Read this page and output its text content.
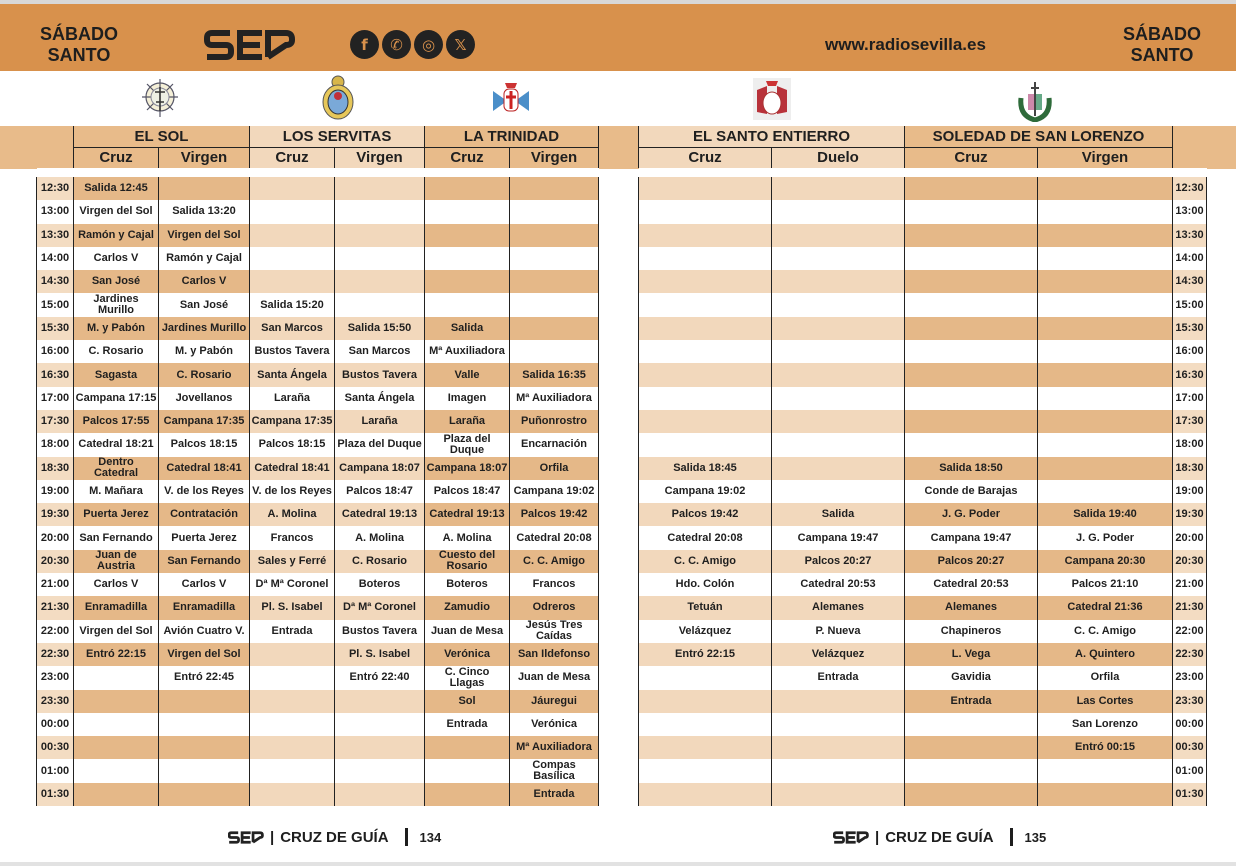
SÁBADO
SANTO
f	✆	◎	𝕏
	EL SOL		LOS SERVITAS		LA TRINIDAD	
	Cruz	Virgen	Cruz	Virgen	Cruz	Virgen

12:30	Salida 12:45					
13:00	Virgen del Sol	Salida 13:20				
13:30	Ramón y Cajal	Virgen del Sol				
14:00	Carlos V	Ramón y Cajal				
14:30	San José	Carlos V				
15:00	Jardines Murillo	San José	Salida 15:20			
15:30	M. y Pabón	Jardines Murillo	San Marcos	Salida 15:50	Salida	
16:00	C. Rosario	M. y Pabón	Bustos Tavera	San Marcos	Mª Auxiliadora	
16:30	Sagasta	C. Rosario	Santa Ángela	Bustos Tavera	Valle	Salida 16:35
17:00	Campana 17:15	Jovellanos	Laraña	Santa Ángela	Imagen	Mª Auxiliadora
17:30	Palcos 17:55	Campana 17:35	Campana 17:35	Laraña	Laraña	Puñonrostro
18:00	Catedral 18:21	Palcos 18:15	Palcos 18:15	Plaza del Duque	Plaza del Duque	Encarnación
18:30	Dentro Catedral	Catedral 18:41	Catedral 18:41	Campana 18:07	Campana 18:07	Orfila
19:00	M. Mañara	V. de los Reyes	V. de los Reyes	Palcos 18:47	Palcos 18:47	Campana 19:02
19:30	Puerta Jerez	Contratación	A. Molina	Catedral 19:13	Catedral 19:13	Palcos 19:42
20:00	San Fernando	Puerta Jerez	Francos	A. Molina	A. Molina	Catedral 20:08
20:30	Juan de Austria	San Fernando	Sales y Ferré	C. Rosario	Cuesto del Rosario	C. C. Amigo
21:00	Carlos V	Carlos V	Dª Mª Coronel	Boteros	Boteros	Francos
21:30	Enramadilla	Enramadilla	Pl. S. Isabel	Dª Mª Coronel	Zamudio	Odreros
22:00	Virgen del Sol	Avión Cuatro V.	Entrada	Bustos Tavera	Juan de Mesa	Jesús Tres Caídas
22:30	Entró 22:15	Virgen del Sol		Pl. S. Isabel	Verónica	San Ildefonso
23:00		Entró 22:45		Entró 22:40	C. Cinco Llagas	Juan de Mesa
23:30					Sol	Jáuregui
00:00					Entrada	Verónica
00:30						Mª Auxiliadora
01:00						Compas Basílica
01:30						Entrada
| CRUZ DE GUÍA 134
www.radiosevilla.es
SÁBADO
SANTO
EL SANTO ENTIERRO		SOLEDAD DE SAN LORENZO		
Cruz	Duelo	Cruz	Virgen	

				12:30
				13:00
				13:30
				14:00
				14:30
				15:00
				15:30
				16:00
				16:30
				17:00
				17:30
				18:00
Salida 18:45		Salida 18:50		18:30
Campana 19:02		Conde de Barajas		19:00
Palcos 19:42	Salida	J. G. Poder	Salida 19:40	19:30
Catedral 20:08	Campana 19:47	Campana 19:47	J. G. Poder	20:00
C. C. Amigo	Palcos 20:27	Palcos 20:27	Campana 20:30	20:30
Hdo. Colón	Catedral 20:53	Catedral 20:53	Palcos 21:10	21:00
Tetuán	Alemanes	Alemanes	Catedral 21:36	21:30
Velázquez	P. Nueva	Chapineros	C. C. Amigo	22:00
Entró 22:15	Velázquez	L. Vega	A. Quintero	22:30
	Entrada	Gavidia	Orfila	23:00
		Entrada	Las Cortes	23:30
			San Lorenzo	00:00
			Entró 00:15	00:30
				01:00
				01:30
| CRUZ DE GUÍA 135
